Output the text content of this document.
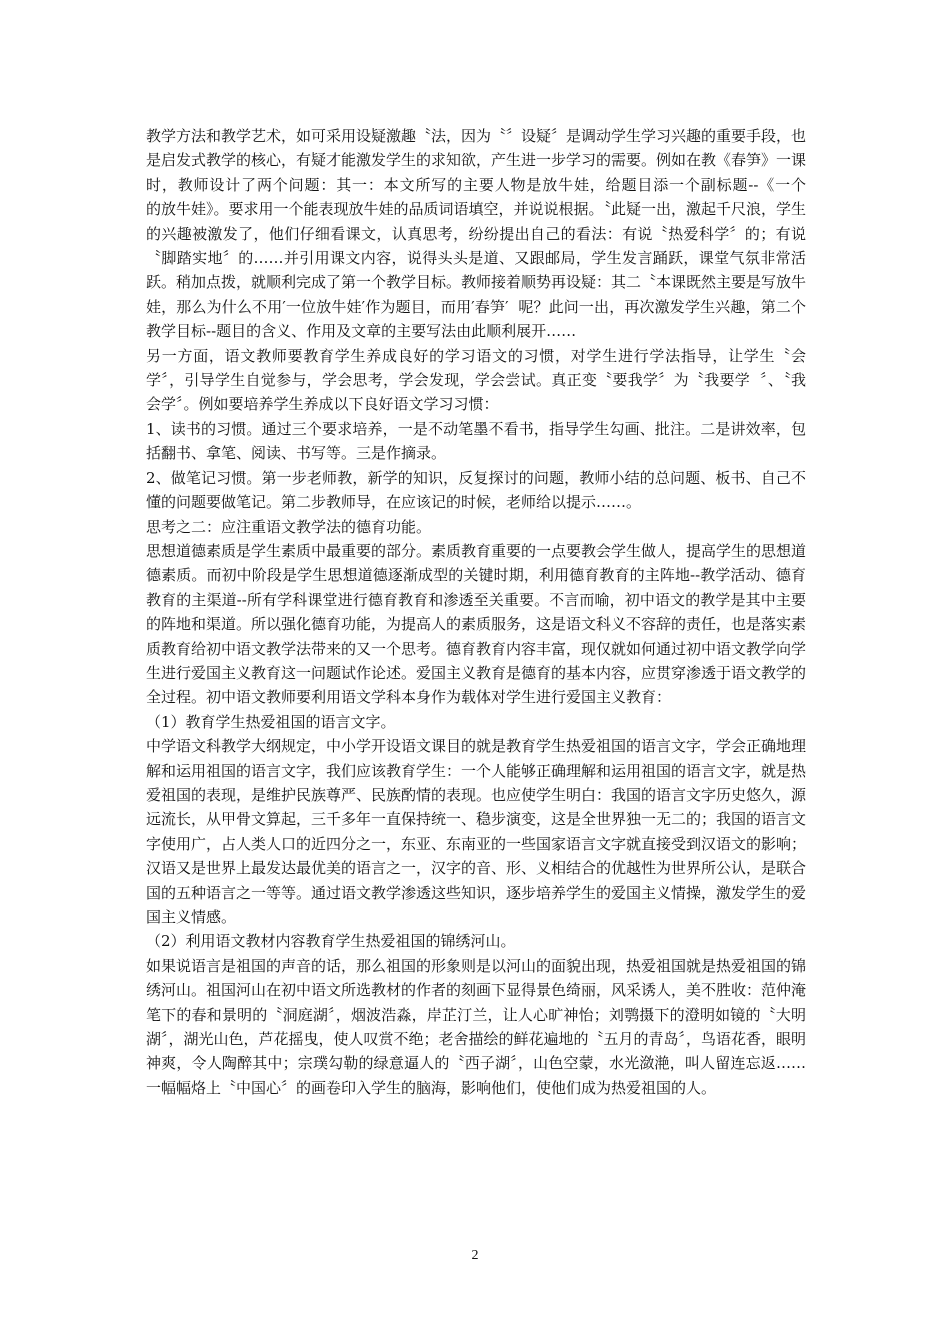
教学方法和教学艺术，如可采用设疑激趣〝法，因为〝〞设疑〞是调动学生学习兴趣的重要手段，也是启发式教学的核心，有疑才能激发学生的求知欲，产生进一步学习的需要。例如在教《春笋》一课时，教师设计了两个问题：其一：本文所写的主要人物是放牛娃，给题目添一个副标题--《一个                的放牛娃》。要求用一个能表现放牛娃的品质词语填空，并说说根据。〝此疑一出，激起千尺浪，学生的兴趣被激发了，他们仔细看课文，认真思考，纷纷提出自己的看法：有说〝热爱科学〞的；有说〝脚踏实地〞的……并引用课文内容，说得头头是道、又跟邮局，学生发言踊跃，课堂气氛非常活跃。稍加点拨，就顺利完成了第一个教学目标。教师接着顺势再设疑：其二〝本课既然主要是写放牛娃，那么为什么不用′一位放牛娃′作为题目，而用′春笋′  呢？此问一出，再次激发学生兴趣，第二个教学目标--题目的含义、作用及文章的主要写法由此顺利展开……

另一方面，语文教师要教育学生养成良好的学习语文的习惯，对学生进行学法指导，让学生〝会学〞，引导学生自觉参与，学会思考，学会发现，学会尝试。真正变〝要我学〞为〝我要学  〞、〝我会学〞。例如要培养学生养成以下良好语文学习习惯：

1、读书的习惯。通过三个要求培养，一是不动笔墨不看书，指导学生勾画、批注。二是讲效率，包括翻书、拿笔、阅读、书写等。三是作摘录。

2、做笔记习惯。第一步老师教，新学的知识，反复探讨的问题，教师小结的总问题、板书、自己不懂的问题要做笔记。第二步教师导，在应该记的时候，老师给以提示……。

思考之二：应注重语文教学法的德育功能。

思想道德素质是学生素质中最重要的部分。素质教育重要的一点要教会学生做人，提高学生的思想道德素质。而初中阶段是学生思想道德逐渐成型的关键时期，利用德育教育的主阵地--教学活动、德育教育的主渠道--所有学科课堂进行德育教育和渗透至关重要。不言而喻，初中语文的教学是其中主要的阵地和渠道。所以强化德育功能，为提高人的素质服务，这是语文科义不容辞的责任，也是落实素质教育给初中语文教学法带来的又一个思考。德育教育内容丰富，现仅就如何通过初中语文教学向学生进行爱国主义教育这一问题试作论述。爱国主义教育是德育的基本内容，应贯穿渗透于语文教学的全过程。初中语文教师要利用语文学科本身作为载体对学生进行爱国主义教育：

（1）教育学生热爱祖国的语言文字。

中学语文科教学大纲规定，中小学开设语文课目的就是教育学生热爱祖国的语言文字，学会正确地理解和运用祖国的语言文字，我们应该教育学生：一个人能够正确理解和运用祖国的语言文字，就是热爱祖国的表现，是维护民族尊严、民族酌情的表现。也应使学生明白：我国的语言文字历史悠久，源远流长，从甲骨文算起，三千多年一直保持统一、稳步演变，这是全世界独一无二的；我国的语言文字使用广，占人类人口的近四分之一，东亚、东南亚的一些国家语言文字就直接受到汉语文的影响；汉语又是世界上最发达最优美的语言之一，汉字的音、形、义相结合的优越性为世界所公认，是联合国的五种语言之一等等。通过语文教学渗透这些知识，逐步培养学生的爱国主义情操，激发学生的爱国主义情感。

（2）利用语文教材内容教育学生热爱祖国的锦绣河山。

如果说语言是祖国的声音的话，那么祖国的形象则是以河山的面貌出现，热爱祖国就是热爱祖国的锦绣河山。祖国河山在初中语文所选教材的作者的刻画下显得景色绮丽，风采诱人，美不胜收：范仲淹笔下的春和景明的〝洞庭湖〞，烟波浩淼，岸芷汀兰，让人心旷神怡；刘鹗摄下的澄明如镜的〝大明湖〞，湖光山色，芦花摇曳，使人叹赏不绝；老舍描绘的鲜花遍地的〝五月的青岛〞，鸟语花香，眼明神爽，令人陶醉其中；宗璞勾勒的绿意逼人的〝西子湖〞，山色空蒙，水光潋滟，叫人留连忘返……一幅幅烙上〝中国心〞的画卷印入学生的脑海，影响他们，使他们成为热爱祖国的人。

2
